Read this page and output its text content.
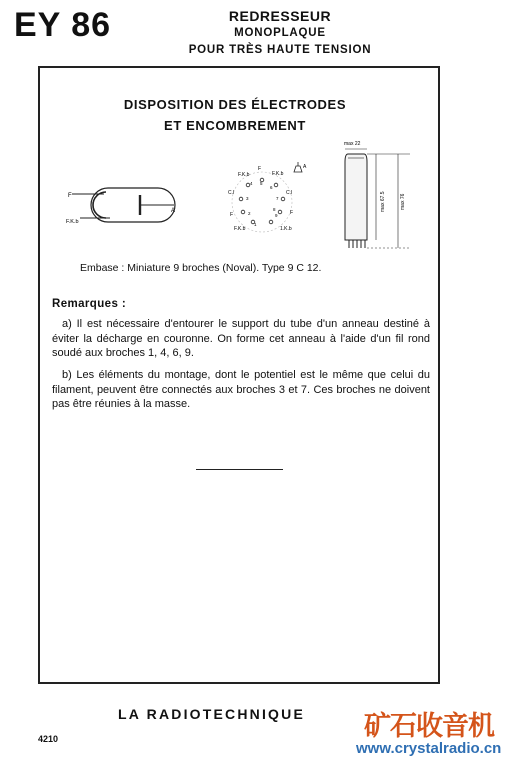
EY 86	REDRESSEUR
MONOPLAQUE
POUR TRÈS HAUTE TENSION
DISPOSITION DES ÉLECTRODES
ET ENCOMBREMENT
F
F.K.b
A
F.K.b
F
F.K.b
C.I
C.I
F	F
F.K.b	1.K.b
4 5
6
7
9
3
2
1
8
A
max 22
max 67.5	max 76
Embase : Miniature 9 broches (Noval). Type 9 C 12.
Remarques :

a) Il est nécessaire d'entourer le support du tube d'un anneau destiné à éviter la décharge en couronne. On forme cet anneau à l'aide d'un fil rond soudé aux broches 1, 4, 6, 9.

b) Les éléments du montage, dont le potentiel est le même que celui du filament, peuvent être connectés aux broches 3 et 7. Ces broches ne doivent pas être réunies à la masse.

LA RADIOTECHNIQUE
4210	矿石收音机
www.crystalradio.cn
